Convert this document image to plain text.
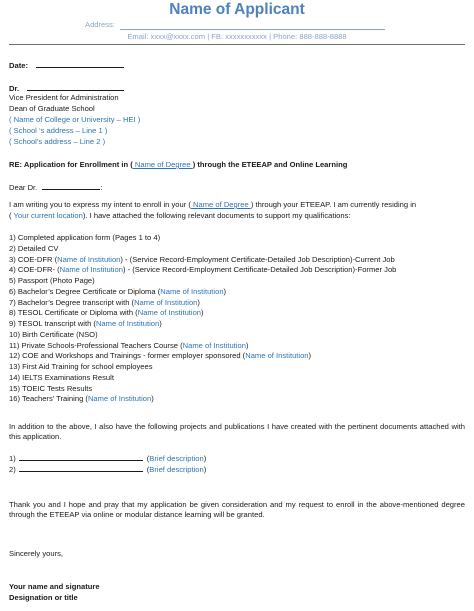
Name of Applicant
Address:
Email: xxxx@xxxx.com | FB: xxxxxxxxxxx | Phone: 888-888-8888
Date:
Dr.
Vice President for Administration
Dean of Graduate School
( Name of College or University – HEI )
( School ‘s address – Line 1 )
( School’s address – Line 2 )
RE: Application for Enrollment in ( Name of Degree ) through the ETEEAP and Online Learning
Dear Dr.	:
I am writing you to express my intent to enroll in your ( Name of Degree ) through your ETEEAP. I am currently residing in
( Your current location). I have attached the following relevant documents to support my qualifications:
1) Completed application form (Pages 1 to 4)
2) Detailed CV
3) COE-DFR (Name of Institution) - (Service Record-Employment Certificate-Detailed Job Description)-Current Job
4) COE-DFR- (Name of Institution) - (Service Record-Employment Certificate-Detailed Job Description)-Former Job
5) Passport (Photo Page)
6) Bachelor’s Degree Certificate or Diploma (Name of Institution)
7) Bachelor’s Degree transcript with (Name of Institution)
8) TESOL Certificate or Diploma with (Name of Institution)
9) TESOL transcript with (Name of Institution)
10) Birth Certificate (NSO)
11) Private Schools-Professional Teachers Course (Name of Institution)
12) COE and Workshops and Trainings - former employer sponsored (Name of Institution)
13) First Aid Training for school employees
14) IELTS Examinations Result
15) TOEIC Tests Results
16) Teachers’ Training (Name of Institution)
In addition to the above, I also have the following projects and publications I have created with the pertinent documents attached with this application.
1)	(Brief description)
2)	(Brief description)
Thank you and I hope and pray that my application be given consideration and my request to enroll in the above-mentioned degree through the ETEEAP via online or modular distance learning will be granted.
Sincerely yours,
Your name and signature
Designation or title
